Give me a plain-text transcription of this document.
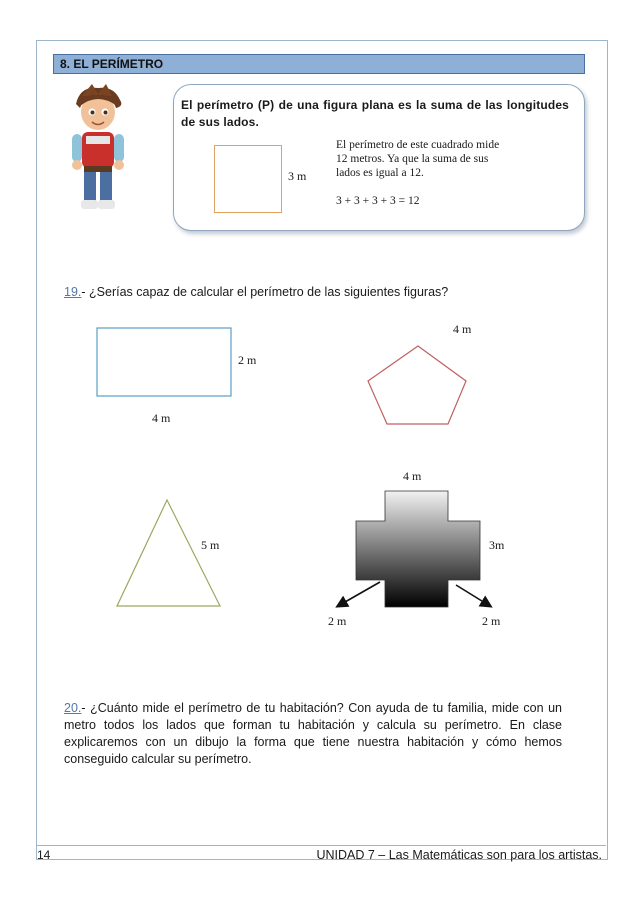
8. EL PERÍMETRO
El perímetro (P) de una figura plana es la suma de las longitudes de sus lados.
3 m
El perímetro de este cuadrado mide
12 metros. Ya que la suma de sus
lados es igual a 12.

3 + 3 + 3 + 3 = 12
19.- ¿Serías capaz de calcular el perímetro de las siguientes figuras?
2 m
4 m
4 m
5 m
4 m
3m
2 m	2 m
20.- ¿Cuánto mide el perímetro de tu habitación? Con ayuda de tu familia, mide con un metro todos los lados que forman tu habitación y calcula su perímetro. En clase explicaremos con un dibujo la forma que tiene nuestra habitación y cómo hemos conseguido calcular su perímetro.
14	UNIDAD 7 – Las Matemáticas son para los artistas.
